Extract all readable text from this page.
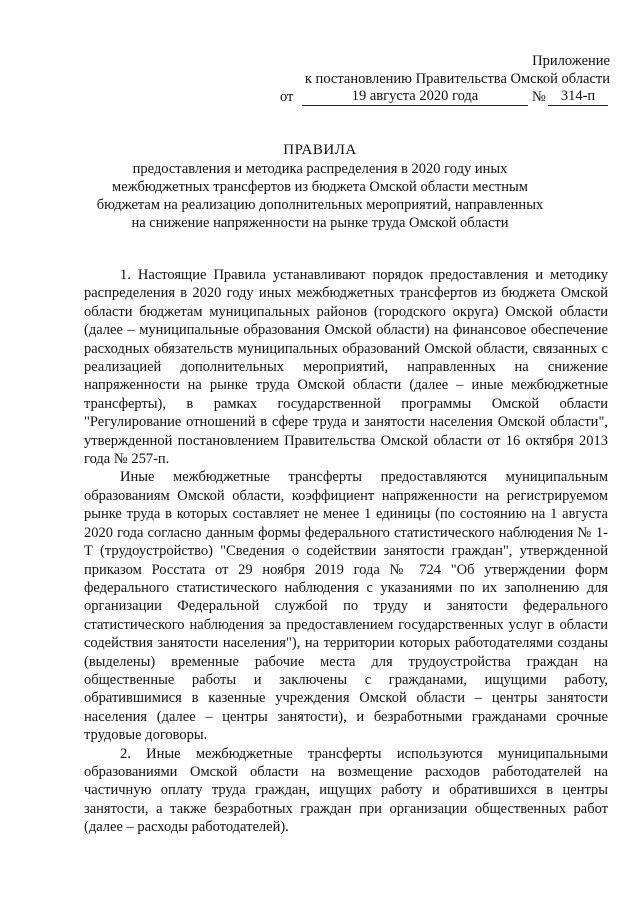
Приложение
к постановлению Правительства Омской области
от	19 августа 2020 года	№	314-п
ПРАВИЛА
предоставления и методика распределения в 2020 году иных межбюджетных трансфертов из бюджета Омской области местным бюджетам на реализацию дополнительных мероприятий, направленных на снижение напряженности на рынке труда Омской области

1. Настоящие Правила устанавливают порядок предоставления и методику распределения в 2020 году иных межбюджетных трансфертов из бюджета Омской области бюджетам муниципальных районов (городского округа) Омской области (далее – муниципальные образования Омской области) на финансовое обеспечение расходных обязательств муниципальных образований Омской области, связанных с реализацией дополнительных мероприятий, направленных на снижение напряженности на рынке труда Омской области (далее – иные межбюджетные трансферты), в рамках государственной программы Омской области "Регулирование отношений в сфере труда и занятости населения Омской области", утвержденной постановлением Правительства Омской области от 16 октября 2013 года № 257-п.

Иные межбюджетные трансферты предоставляются муниципальным образованиям Омской области, коэффициент напряженности на регистрируемом рынке труда в которых составляет не менее 1 единицы (по состоянию на 1 августа 2020 года согласно данным формы федерального статистического наблюдения № 1-Т (трудоустройство) "Сведения о содействии занятости граждан", утвержденной приказом Росстата от 29 ноября 2019 года № 724 "Об утверждении форм федерального статистического наблюдения с указаниями по их заполнению для организации Федеральной службой по труду и занятости федерального статистического наблюдения за предоставлением государственных услуг в области содействия занятости населения"), на территории которых работодателями созданы (выделены) временные рабочие места для трудоустройства граждан на общественные работы и заключены с гражданами, ищущими работу, обратившимися в казенные учреждения Омской области – центры занятости населения (далее – центры занятости), и безработными гражданами срочные трудовые договоры.

2. Иные межбюджетные трансферты используются муниципальными образованиями Омской области на возмещение расходов работодателей на частичную оплату труда граждан, ищущих работу и обратившихся в центры занятости, а также безработных граждан при организации общественных работ (далее – расходы работодателей).
